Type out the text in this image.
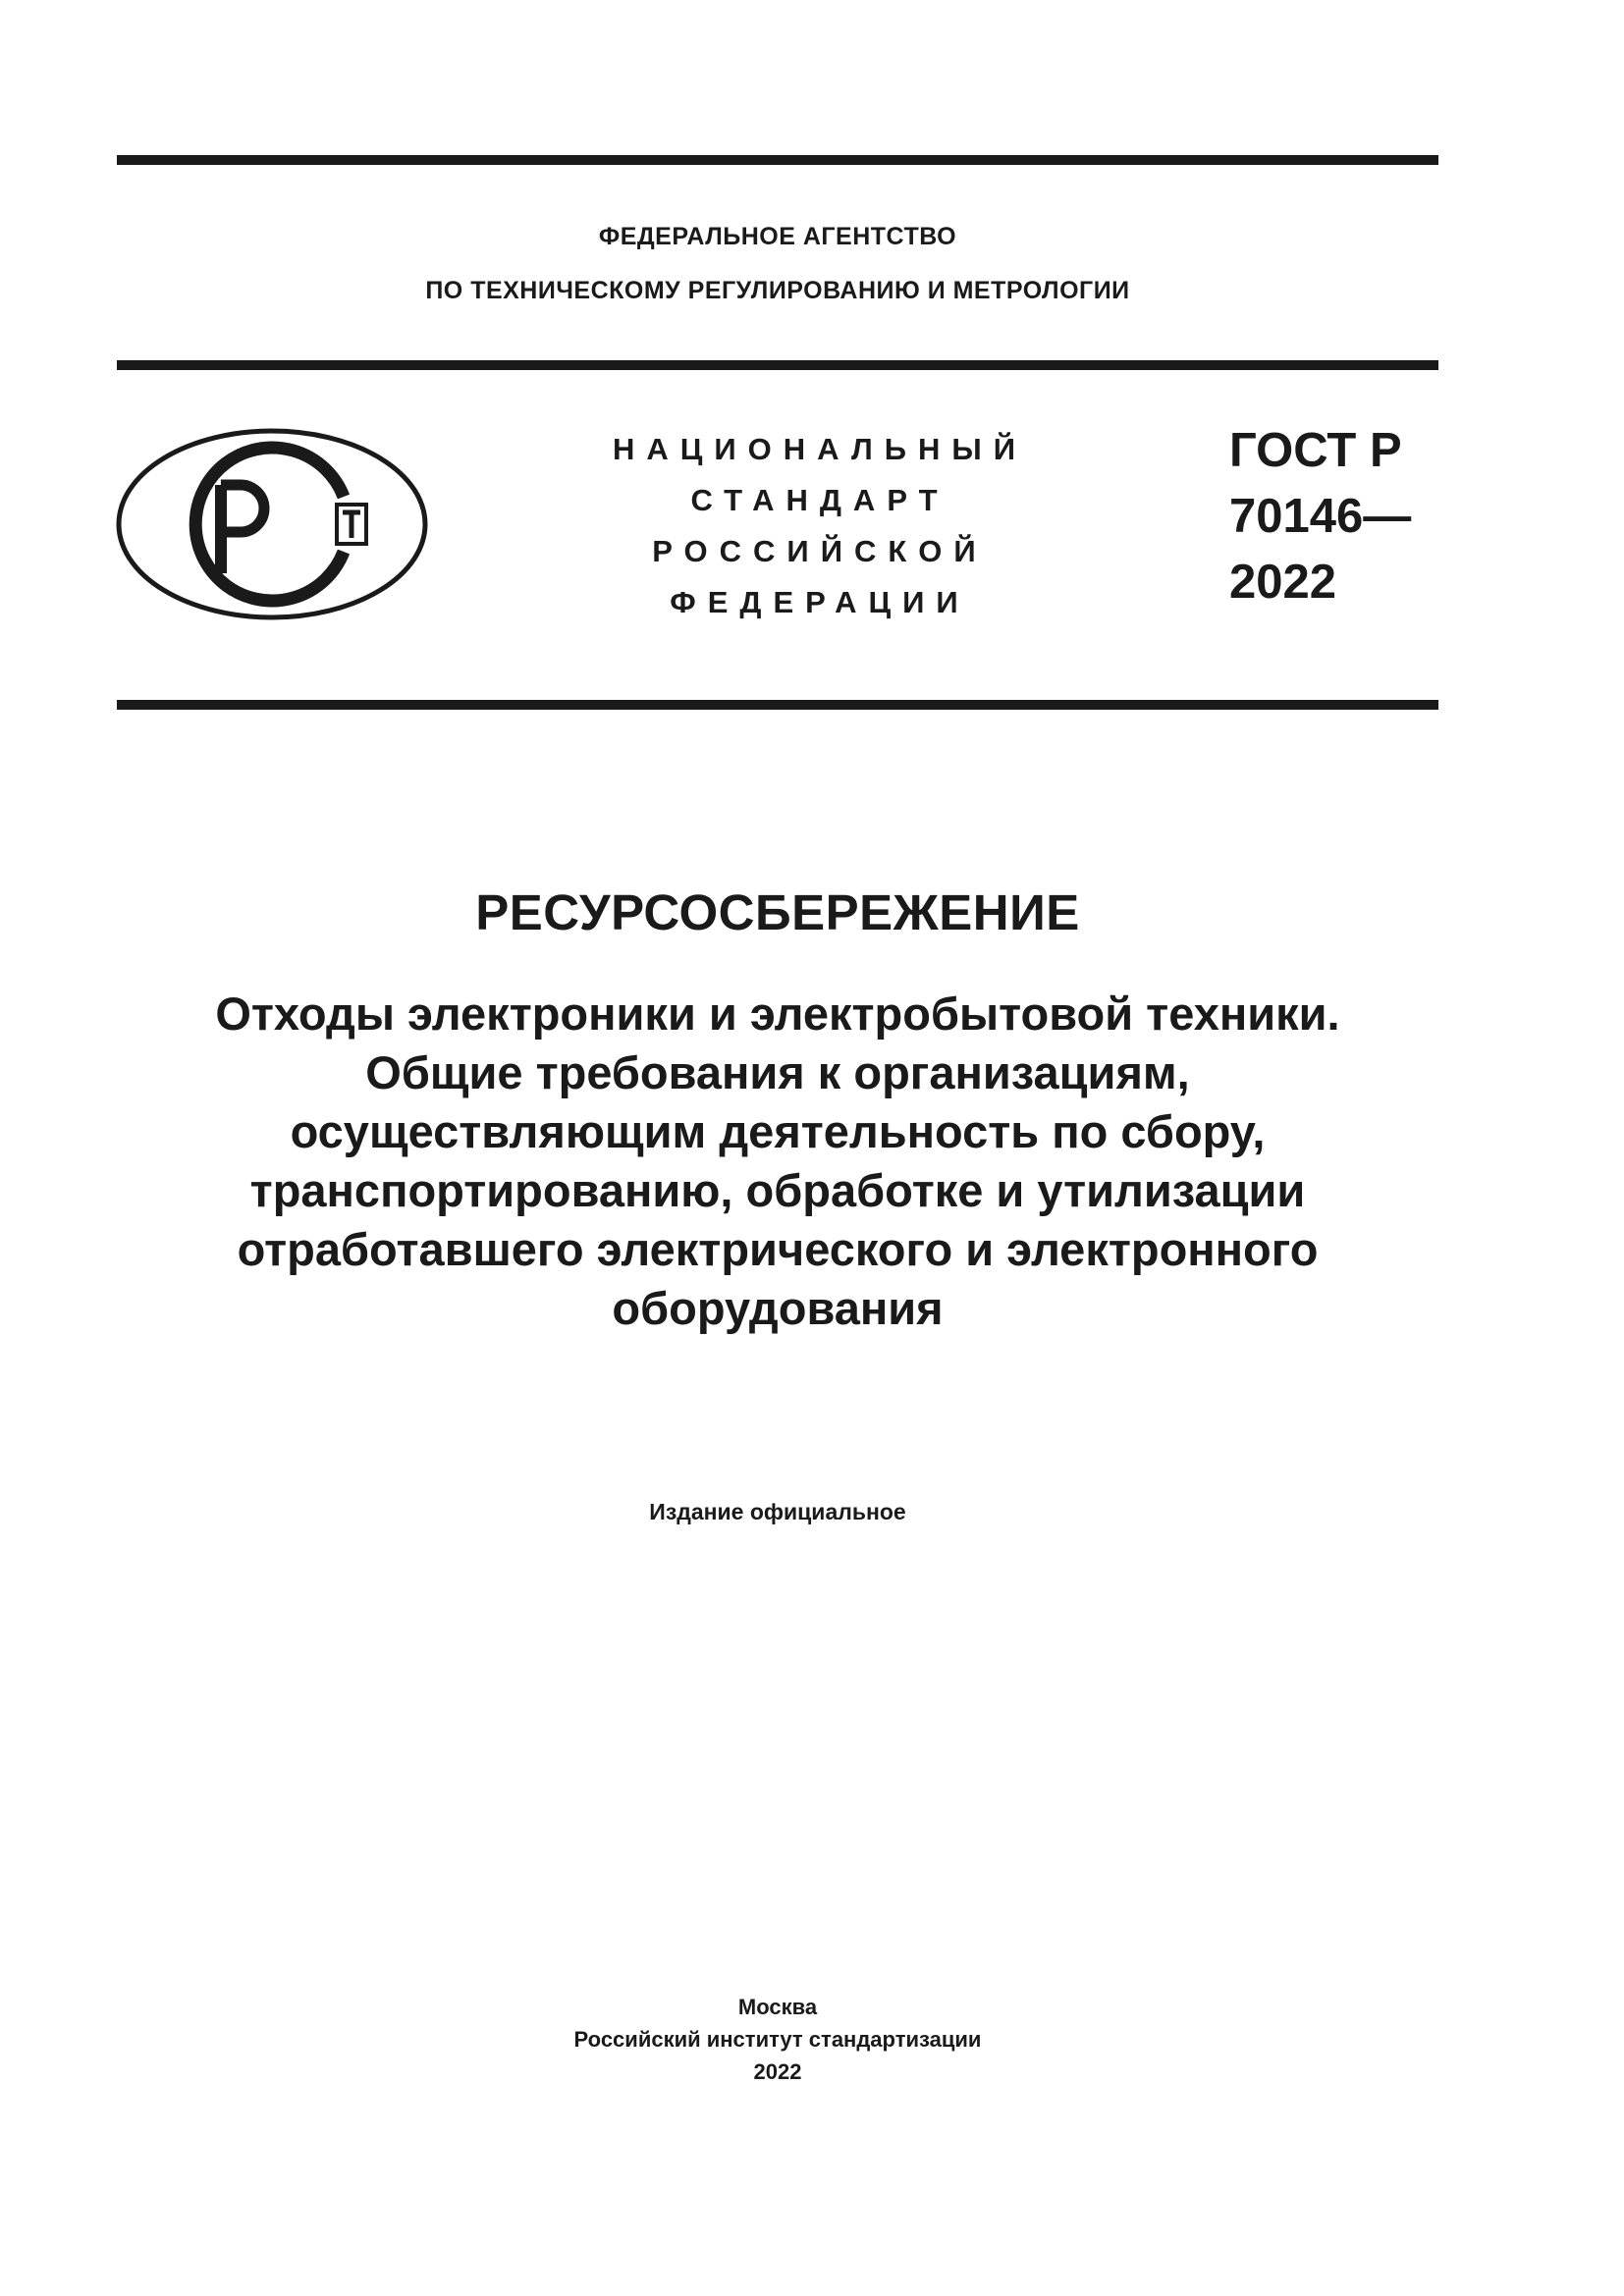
ФЕДЕРАЛЬНОЕ АГЕНТСТВО
ПО ТЕХНИЧЕСКОМУ РЕГУЛИРОВАНИЮ И МЕТРОЛОГИИ
НАЦИОНАЛЬНЫЙ
СТАНДАРТ
РОССИЙСКОЙ
ФЕДЕРАЦИИ
ГОСТ Р
70146—
2022
РЕСУРСОСБЕРЕЖЕНИЕ
Отходы электроники и электробытовой техники.
Общие требования к организациям,
осуществляющим деятельность по сбору,
транспортированию, обработке и утилизации
отработавшего электрического и электронного
оборудования
Издание официальное
Москва
Российский институт стандартизации
2022
